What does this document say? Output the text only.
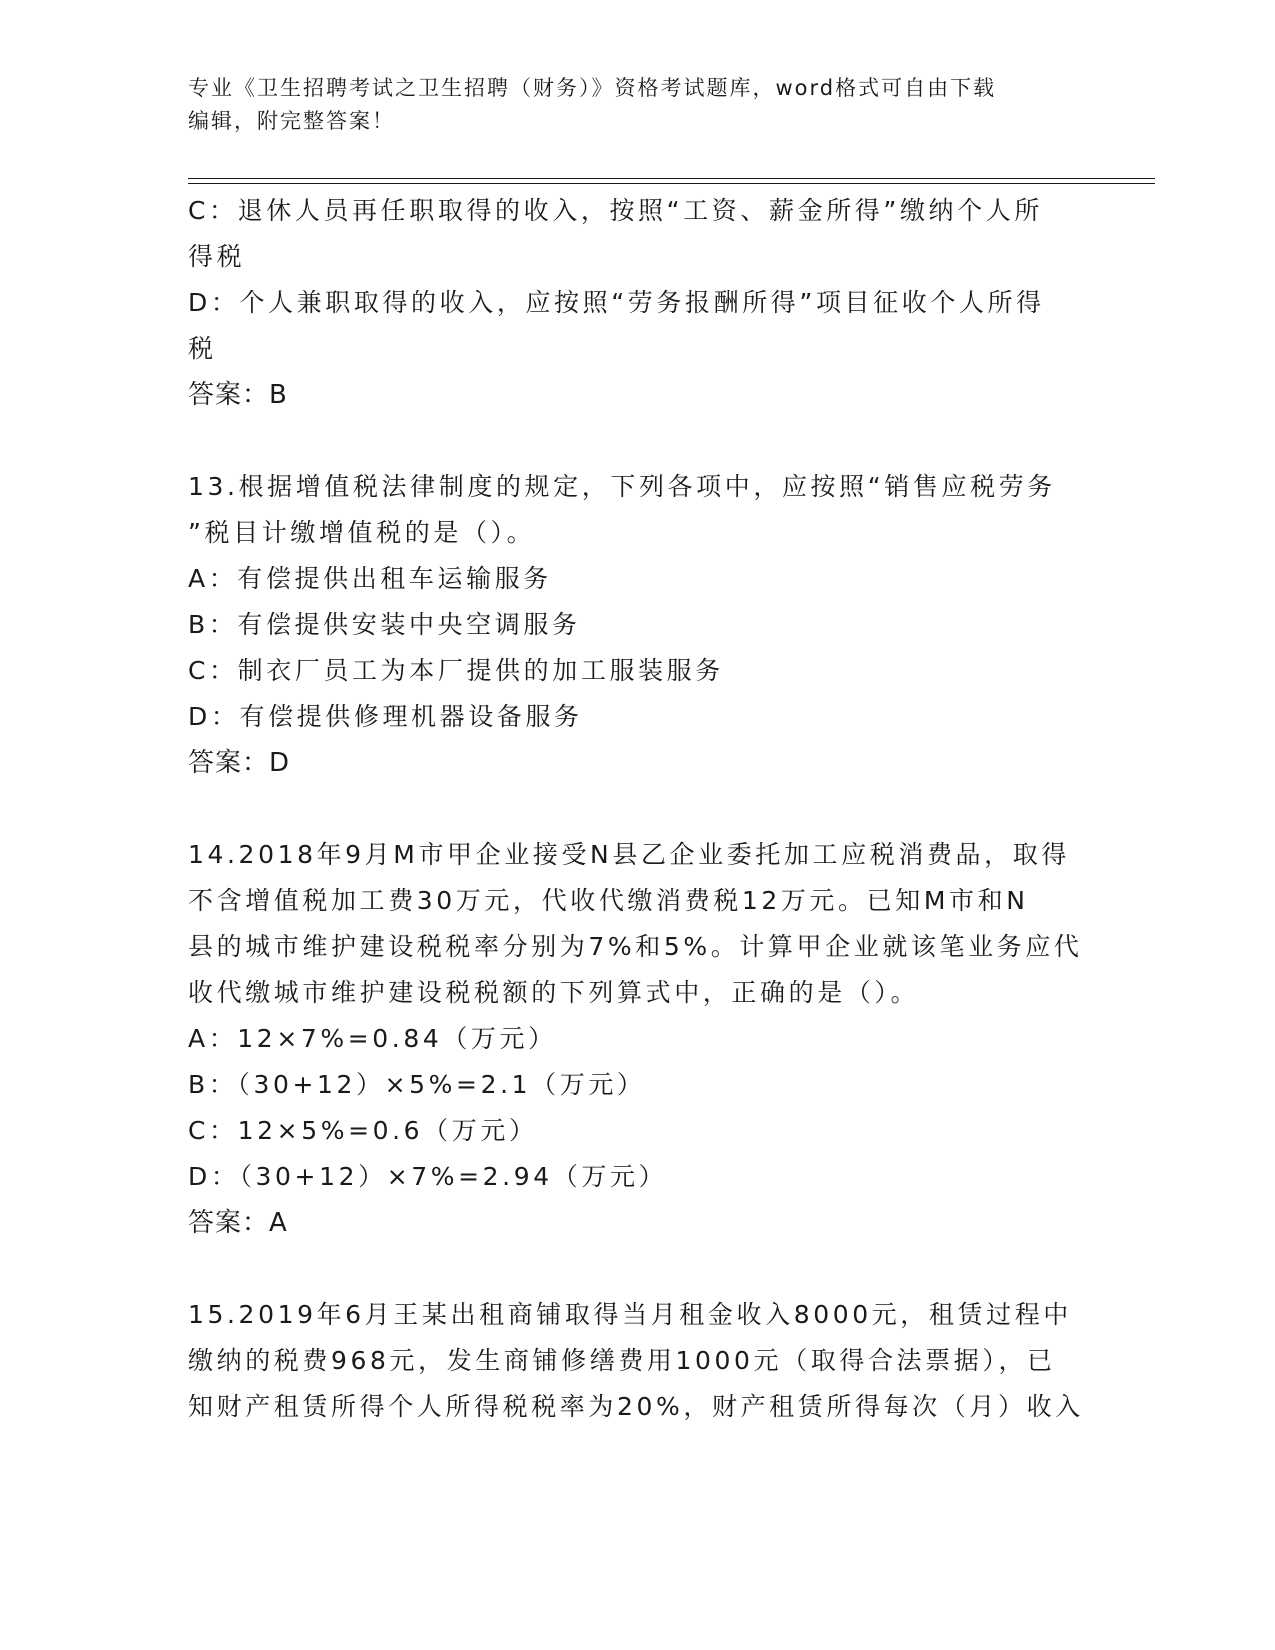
专业《卫生招聘考试之卫生招聘（财务）》资格考试题库，word格式可自由下载
编辑，附完整答案！
C：退休人员再任职取得的收入，按照“工资、薪金所得”缴纳个人所
得税
D：个人兼职取得的收入，应按照“劳务报酬所得”项目征收个人所得
税
答案：B
13.根据增值税法律制度的规定，下列各项中，应按照“销售应税劳务
”税目计缴增值税的是（）。
A：有偿提供出租车运输服务
B：有偿提供安装中央空调服务
C：制衣厂员工为本厂提供的加工服装服务
D：有偿提供修理机器设备服务
答案：D
14.2018年9月M市甲企业接受N县乙企业委托加工应税消费品，取得
不含增值税加工费30万元，代收代缴消费税12万元。已知M市和N
县的城市维护建设税税率分别为7%和5%。计算甲企业就该笔业务应代
收代缴城市维护建设税税额的下列算式中，正确的是（）。
A：12×7%=0.84（万元）
B：（30+12）×5%=2.1（万元）
C：12×5%=0.6（万元）
D：（30+12）×7%=2.94（万元）
答案：A
15.2019年6月王某出租商铺取得当月租金收入8000元，租赁过程中
缴纳的税费968元，发生商铺修缮费用1000元（取得合法票据），已
知财产租赁所得个人所得税税率为20%，财产租赁所得每次（月）收入
